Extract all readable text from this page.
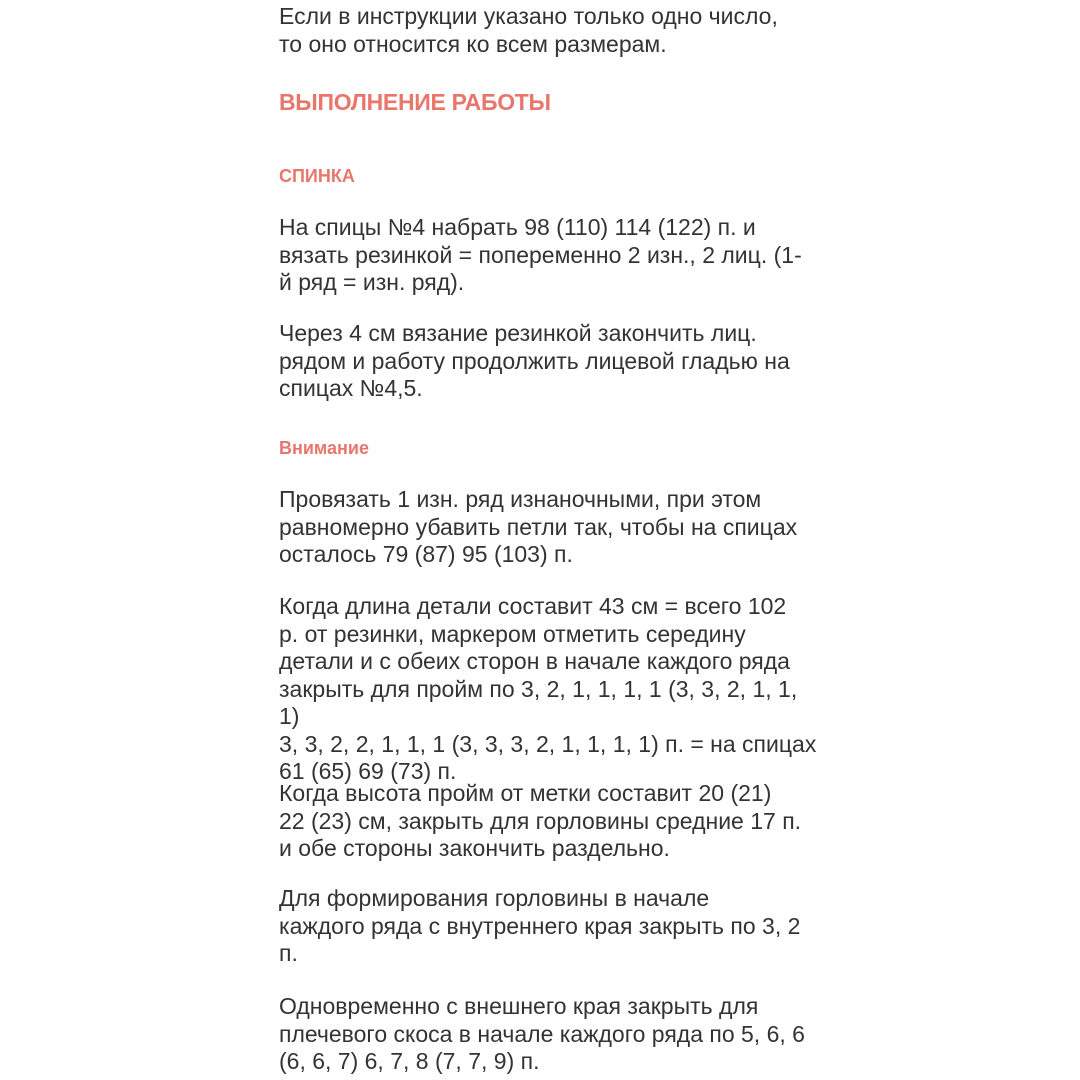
Если в инструкции указано только одно число,
то оно относится ко всем размерам.

ВЫПОЛНЕНИЕ РАБОТЫ
СПИНКА

На спицы №4 набрать 98 (110) 114 (122) п. и
вязать резинкой = попеременно 2 изн., 2 лиц. (1-
й ряд = изн. ряд).

Через 4 см вязание резинкой закончить лиц.
рядом и работу продолжить лицевой гладью на
спицах №4,5.

Внимание

Провязать 1 изн. ряд изнаночными, при этом
равномерно убавить петли так, чтобы на спицах
осталось 79 (87) 95 (103) п.

Когда длина детали составит 43 см = всего 102
р. от резинки, маркером отметить середину
детали и с обеих сторон в начале каждого ряда
закрыть для пройм по 3, 2, 1, 1, 1, 1 (3, 3, 2, 1, 1, 1)
3, 3, 2, 2, 1, 1, 1 (3, 3, 3, 2, 1, 1, 1, 1) п. = на спицах
61 (65) 69 (73) п.

Когда высота пройм от метки составит 20 (21)
22 (23) см, закрыть для горловины средние 17 п.
и обе стороны закончить раздельно.

Для формирования горловины в начале
каждого ряда с внутреннего края закрыть по 3, 2
п.

Одновременно с внешнего края закрыть для
плечевого скоса в начале каждого ряда по 5, 6, 6
(6, 6, 7) 6, 7, 8 (7, 7, 9) п.
